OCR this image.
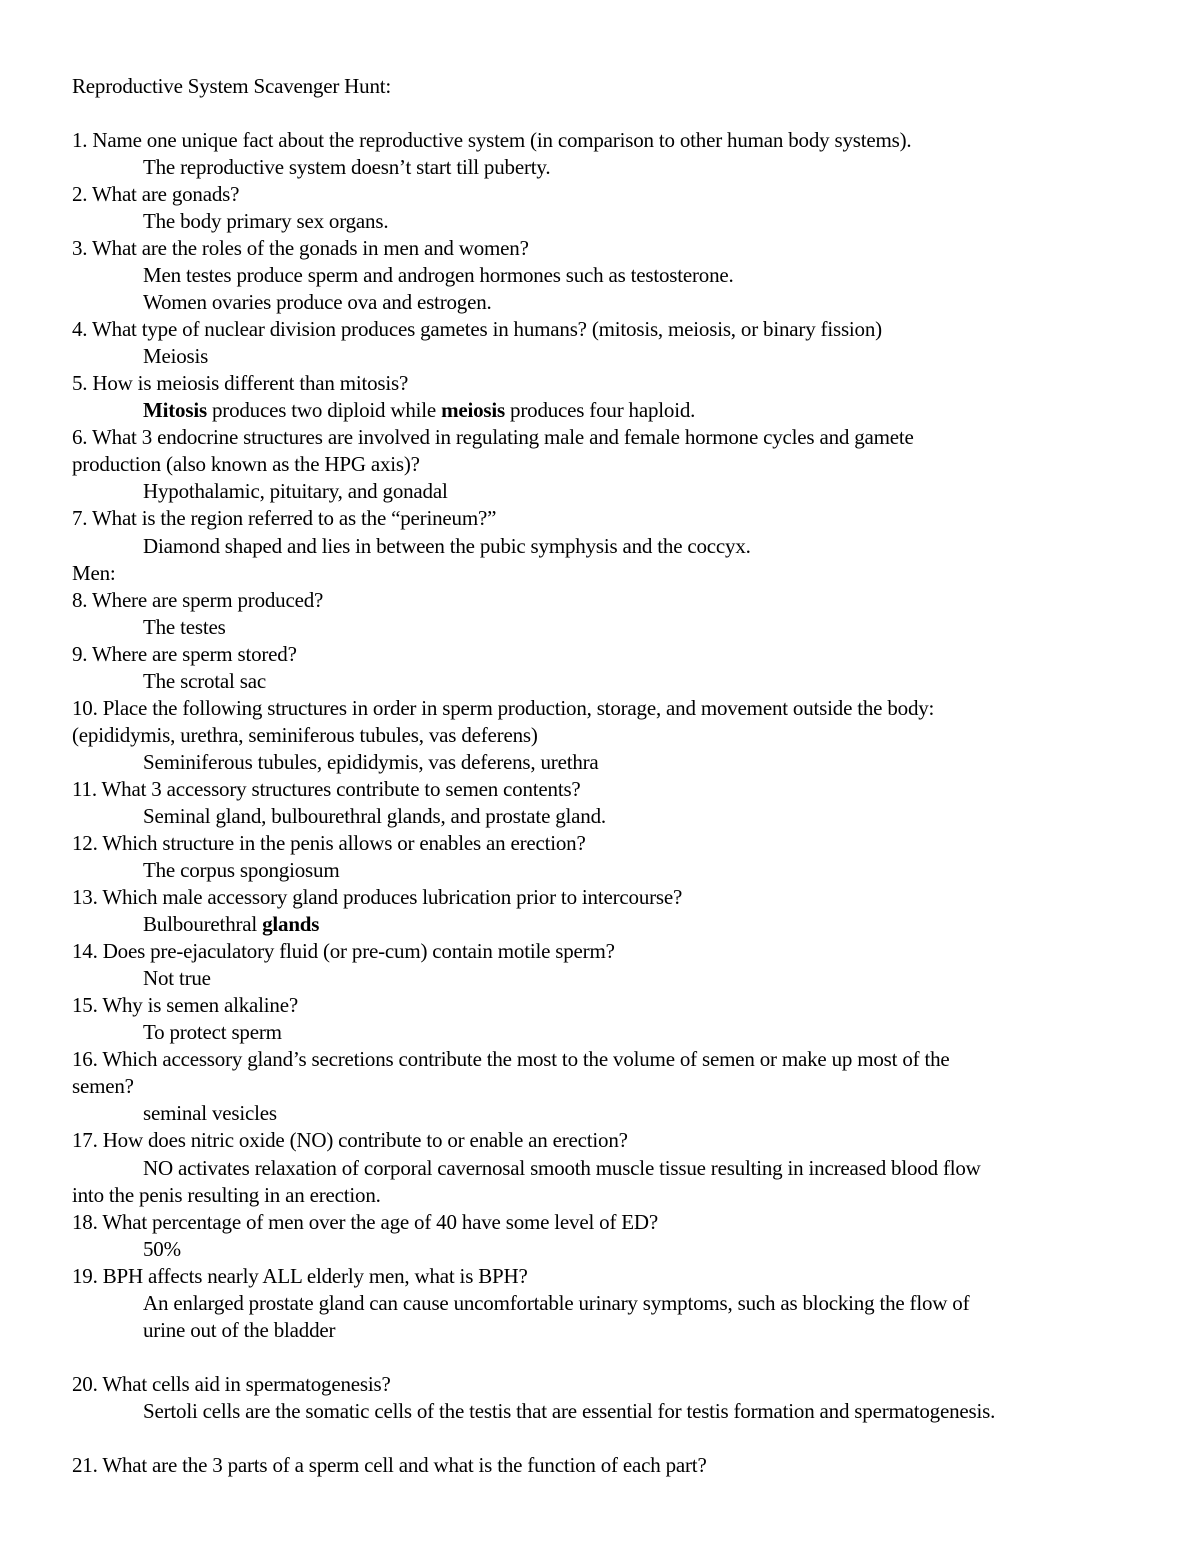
Reproductive System Scavenger Hunt:
1. Name one unique fact about the reproductive system (in comparison to other human body systems).
The reproductive system doesn’t start till puberty.
2. What are gonads?
The body primary sex organs.
3. What are the roles of the gonads in men and women?
Men testes produce sperm and androgen hormones such as testosterone.
Women ovaries produce ova and estrogen.
4. What type of nuclear division produces gametes in humans? (mitosis, meiosis, or binary fission)
Meiosis
5. How is meiosis different than mitosis?
Mitosis produces two diploid while meiosis produces four haploid.
6. What 3 endocrine structures are involved in regulating male and female hormone cycles and gamete
production (also known as the HPG axis)?
Hypothalamic, pituitary, and gonadal
7. What is the region referred to as the “perineum?”
Diamond shaped and lies in between the pubic symphysis and the coccyx.
Men:
8. Where are sperm produced?
The testes
9. Where are sperm stored?
The scrotal sac
10. Place the following structures in order in sperm production, storage, and movement outside the body:
(epididymis, urethra, seminiferous tubules, vas deferens)
Seminiferous tubules, epididymis, vas deferens, urethra
11. What 3 accessory structures contribute to semen contents?
Seminal gland, bulbourethral glands, and prostate gland.
12. Which structure in the penis allows or enables an erection?
The corpus spongiosum
13. Which male accessory gland produces lubrication prior to intercourse?
Bulbourethral glands
14. Does pre-ejaculatory fluid (or pre-cum) contain motile sperm?
Not true
15. Why is semen alkaline?
To protect sperm
16. Which accessory gland’s secretions contribute the most to the volume of semen or make up most of the
semen?
seminal vesicles
17. How does nitric oxide (NO) contribute to or enable an erection?
NO activates relaxation of corporal cavernosal smooth muscle tissue resulting in increased blood flow
into the penis resulting in an erection.
18. What percentage of men over the age of 40 have some level of ED?
50%
19. BPH affects nearly ALL elderly men, what is BPH?
An enlarged prostate gland can cause uncomfortable urinary symptoms, such as blocking the flow of
urine out of the bladder
20. What cells aid in spermatogenesis?
Sertoli cells are the somatic cells of the testis that are essential for testis formation and spermatogenesis.
21. What are the 3 parts of a sperm cell and what is the function of each part?
